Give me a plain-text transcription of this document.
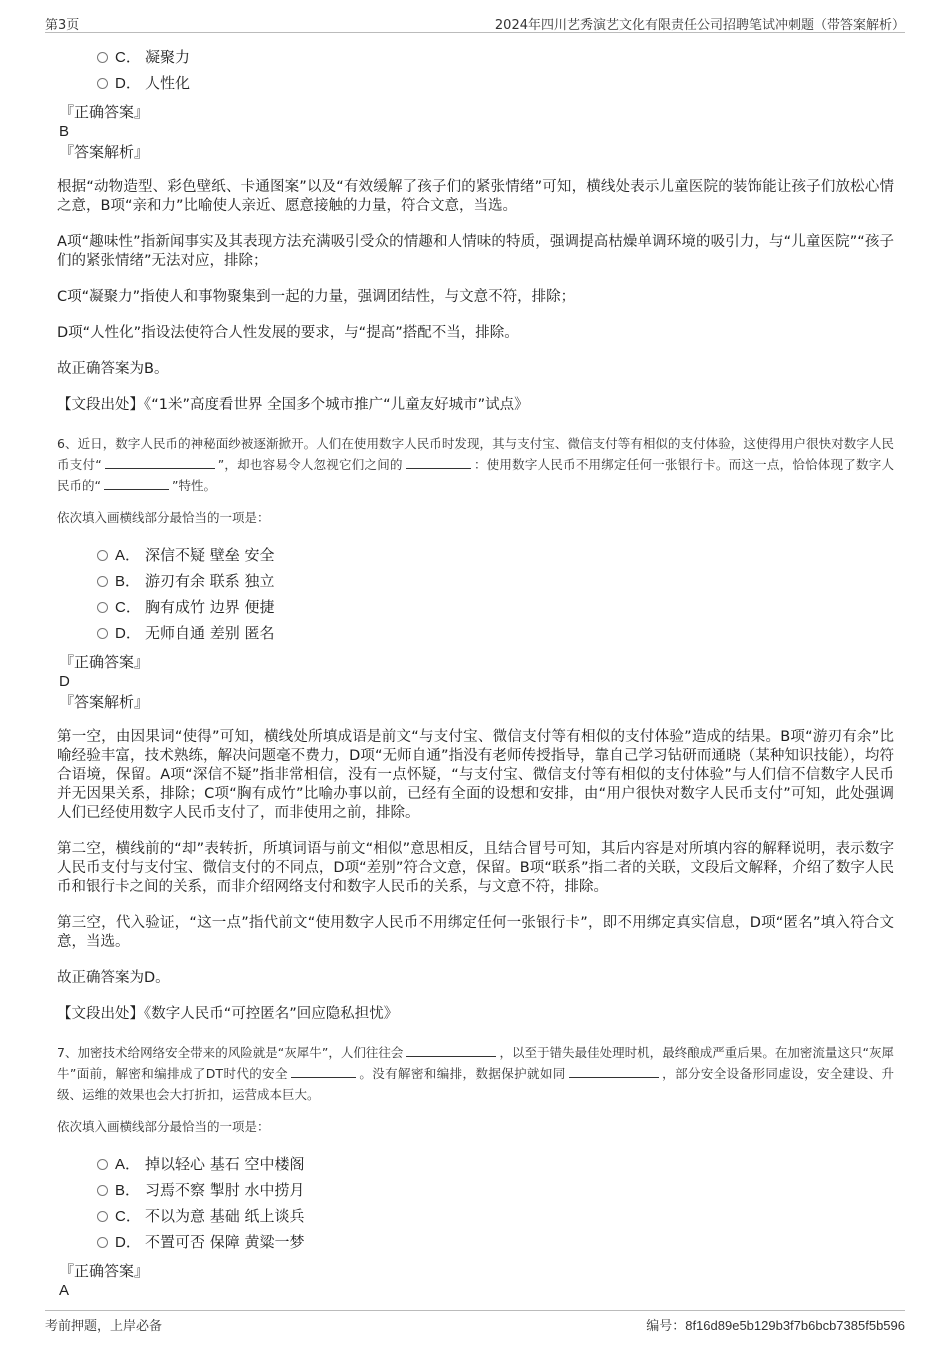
第3页	2024年四川艺秀演艺文化有限责任公司招聘笔试冲刺题（带答案解析）
C． 凝聚力
D． 人性化
『正确答案』
B
『答案解析』

根据“动物造型、彩色壁纸、卡通图案”以及“有效缓解了孩子们的紧张情绪”可知，横线处表示儿童医院的装饰能让孩子们放松心情之意，B项“亲和力”比喻使人亲近、愿意接触的力量，符合文意，当选。

A项“趣味性”指新闻事实及其表现方法充满吸引受众的情趣和人情味的特质，强调提高枯燥单调环境的吸引力，与“儿童医院”“孩子们的紧张情绪”无法对应，排除；

C项“凝聚力”指使人和事物聚集到一起的力量，强调团结性，与文意不符，排除；

D项“人性化”指设法使符合人性发展的要求，与“提高”搭配不当，排除。

故正确答案为B。

【文段出处】《“1米”高度看世界 全国多个城市推广“儿童友好城市”试点》

6、近日，数字人民币的神秘面纱被逐渐掀开。人们在使用数字人民币时发现，其与支付宝、微信支付等有相似的支付体验，这使得用户很快对数字人民币支付“	”，却也容易令人忽视它们之间的	：使用数字人民币不用绑定任何一张银行卡。而这一点，恰恰体现了数字人民币的“	”特性。

依次填入画横线部分最恰当的一项是：

A． 深信不疑 壁垒 安全
B． 游刃有余 联系 独立
C． 胸有成竹 边界 便捷
D． 无师自通 差别 匿名
『正确答案』
D
『答案解析』

第一空，由因果词“使得”可知，横线处所填成语是前文“与支付宝、微信支付等有相似的支付体验”造成的结果。B项“游刃有余”比喻经验丰富，技术熟练，解决问题毫不费力，D项“无师自通”指没有老师传授指导，靠自己学习钻研而通晓（某种知识技能），均符合语境，保留。A项“深信不疑”指非常相信，没有一点怀疑，“与支付宝、微信支付等有相似的支付体验”与人们信不信数字人民币并无因果关系，排除；C项“胸有成竹”比喻办事以前，已经有全面的设想和安排，由“用户很快对数字人民币支付”可知，此处强调人们已经使用数字人民币支付了，而非使用之前，排除。

第二空，横线前的“却”表转折，所填词语与前文“相似”意思相反，且结合冒号可知，其后内容是对所填内容的解释说明，表示数字人民币支付与支付宝、微信支付的不同点，D项“差别”符合文意，保留。B项“联系”指二者的关联，文段后文解释，介绍了数字人民币和银行卡之间的关系，而非介绍网络支付和数字人民币的关系，与文意不符，排除。

第三空，代入验证，“这一点”指代前文“使用数字人民币不用绑定任何一张银行卡”，即不用绑定真实信息，D项“匿名”填入符合文意，当选。

故正确答案为D。

【文段出处】《数字人民币“可控匿名”回应隐私担忧》

7、加密技术给网络安全带来的风险就是“灰犀牛”，人们往往会	，以至于错失最佳处理时机，最终酿成严重后果。在加密流量这只“灰犀牛”面前，解密和编排成了DT时代的安全	。没有解密和编排，数据保护就如同	，部分安全设备形同虚设，安全建设、升级、运维的效果也会大打折扣，运营成本巨大。

依次填入画横线部分最恰当的一项是：

A． 掉以轻心 基石 空中楼阁
B． 习焉不察 掣肘 水中捞月
C． 不以为意 基础 纸上谈兵
D． 不置可否 保障 黄粱一梦
『正确答案』
A
考前押题，上岸必备	编号：8f16d89e5b129b3f7b6bcb7385f5b596
